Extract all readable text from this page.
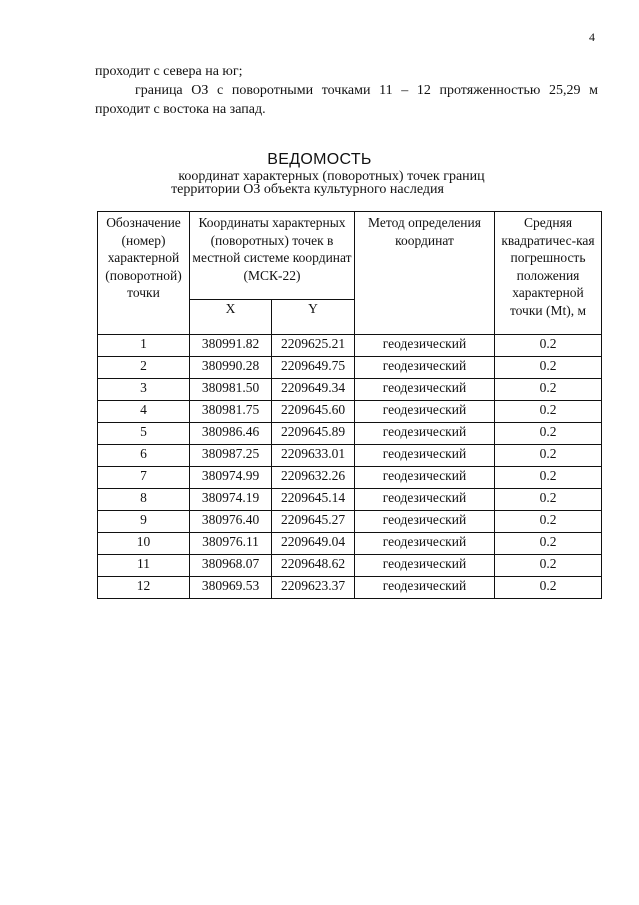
4
проходит с севера на юг;
граница ОЗ с поворотными точками 11 – 12 протяженностью 25,29 м
проходит с востока на запад.
ВЕДОМОСТЬ
координат характерных (поворотных) точек границ
территории ОЗ объекта культурного наследия
Обозначение (номер) характерной (поворотной) точки	Координаты характерных (поворотных) точек в местной системе координат (МСК-22)		Метод определения координат	Средняя квадратичес-кая погрешность положения характерной точки (Mt), м

	X	Y		
1	380991.82	2209625.21	геодезический	0.2
2	380990.28	2209649.75	геодезический	0.2
3	380981.50	2209649.34	геодезический	0.2
4	380981.75	2209645.60	геодезический	0.2
5	380986.46	2209645.89	геодезический	0.2
6	380987.25	2209633.01	геодезический	0.2
7	380974.99	2209632.26	геодезический	0.2
8	380974.19	2209645.14	геодезический	0.2
9	380976.40	2209645.27	геодезический	0.2
10	380976.11	2209649.04	геодезический	0.2
11	380968.07	2209648.62	геодезический	0.2
12	380969.53	2209623.37	геодезический	0.2
